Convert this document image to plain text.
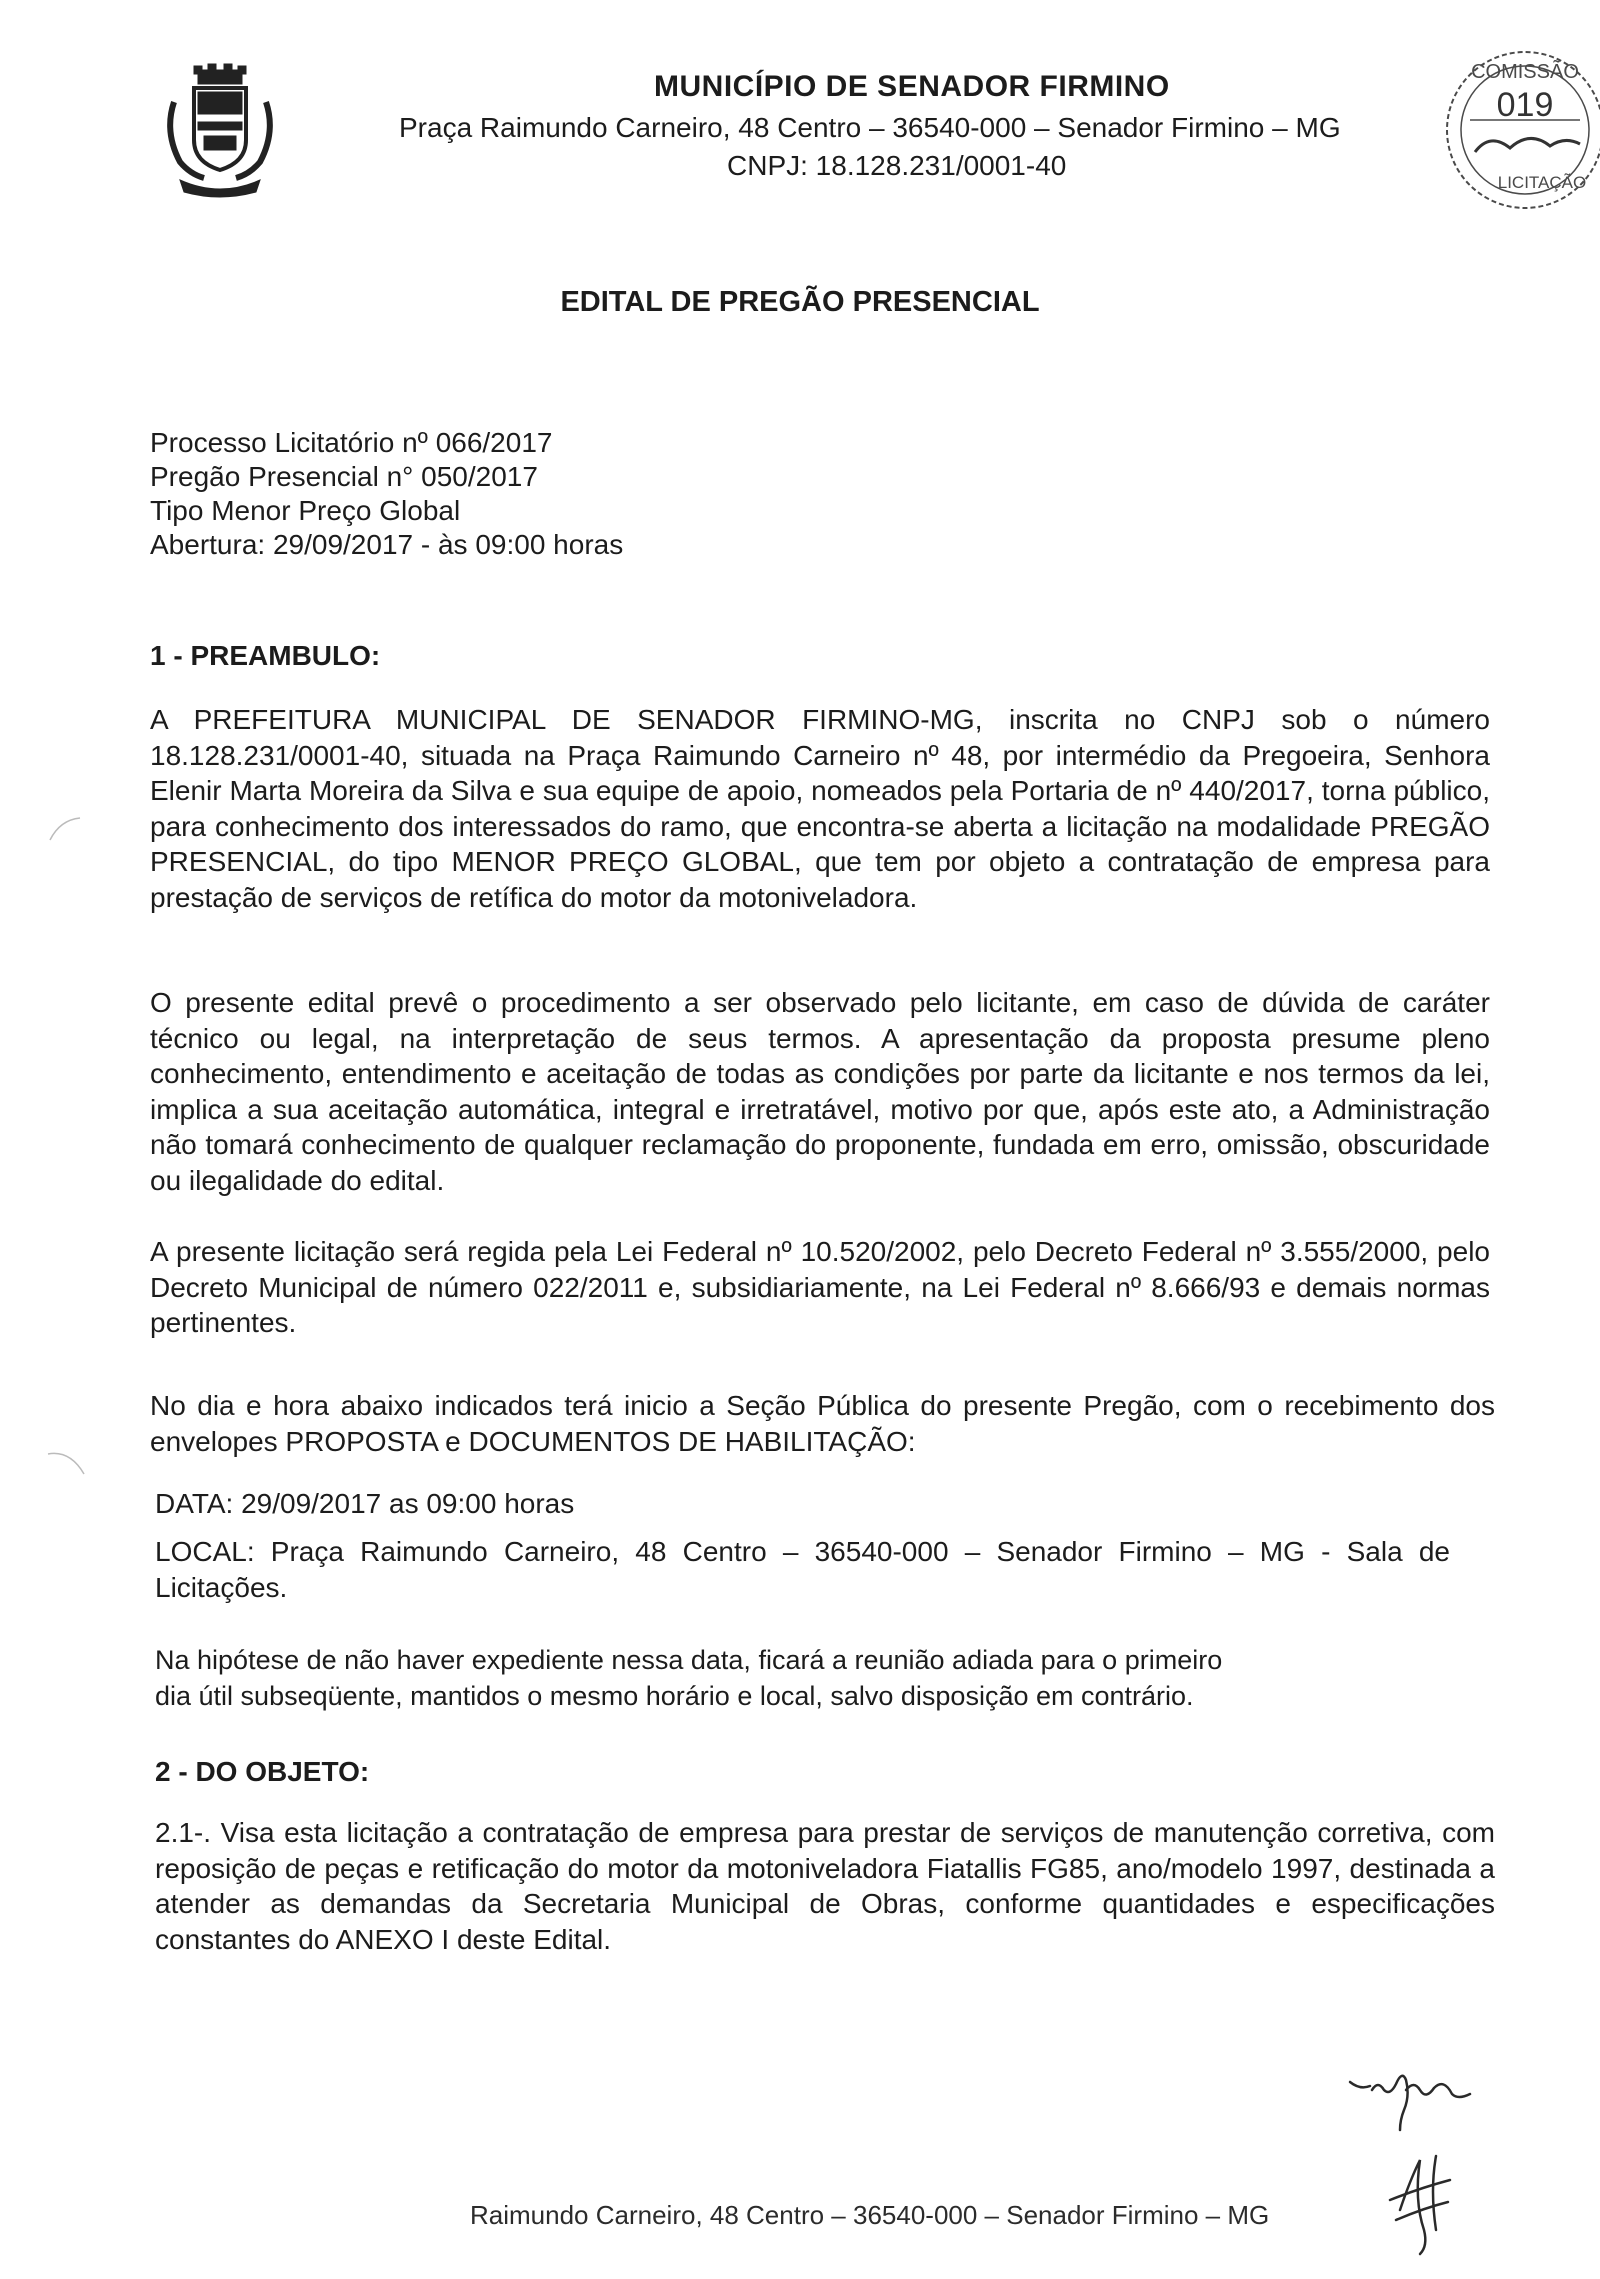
MUNICÍPIO DE SENADOR FIRMINO
Praça Raimundo Carneiro, 48 Centro – 36540-000 – Senador Firmino – MG
CNPJ: 18.128.231/0001-40
COMISSÃO
019
LICITAÇÃO
EDITAL DE PREGÃO PRESENCIAL
Processo Licitatório nº 066/2017
Pregão Presencial n° 050/2017
Tipo Menor Preço Global
Abertura: 29/09/2017 - às 09:00 horas
1 - PREAMBULO:
A PREFEITURA MUNICIPAL DE SENADOR FIRMINO-MG, inscrita no CNPJ sob o número 18.128.231/0001-40, situada na Praça Raimundo Carneiro nº 48, por intermédio da Pregoeira, Senhora Elenir Marta Moreira da Silva e sua equipe de apoio, nomeados pela Portaria de nº 440/2017, torna público, para conhecimento dos interessados do ramo, que encontra-se aberta a licitação na modalidade PREGÃO PRESENCIAL, do tipo MENOR PREÇO GLOBAL, que tem por objeto a contratação de empresa para prestação de serviços de retífica do motor da motoniveladora.
O presente edital prevê o procedimento a ser observado pelo licitante, em caso de dúvida de caráter técnico ou legal, na interpretação de seus termos. A apresentação da proposta presume pleno conhecimento, entendimento e aceitação de todas as condições por parte da licitante e nos termos da lei, implica a sua aceitação automática, integral e irretratável, motivo por que, após este ato, a Administração não tomará conhecimento de qualquer reclamação do proponente, fundada em erro, omissão, obscuridade ou ilegalidade do edital.
A presente licitação será regida pela Lei Federal nº 10.520/2002, pelo Decreto Federal nº 3.555/2000, pelo Decreto Municipal de número 022/2011 e, subsidiariamente, na Lei Federal nº 8.666/93 e demais normas pertinentes.
No dia e hora abaixo indicados terá inicio a Seção Pública do presente Pregão, com o recebimento dos envelopes PROPOSTA e DOCUMENTOS DE HABILITAÇÃO:
DATA: 29/09/2017 as 09:00 horas
LOCAL: Praça Raimundo Carneiro, 48 Centro – 36540-000 – Senador Firmino – MG - Sala de Licitações.
Na hipótese de não haver expediente nessa data, ficará a reunião adiada para o primeiro
dia útil subseqüente, mantidos o mesmo horário e local, salvo disposição em contrário.
2 - DO OBJETO:
2.1-. Visa esta licitação a contratação de empresa para prestar de serviços de manutenção corretiva, com reposição de peças e retificação do motor da motoniveladora Fiatallis FG85, ano/modelo 1997, destinada a atender as demandas da Secretaria Municipal de Obras, conforme quantidades e especificações constantes do ANEXO I deste Edital.
Raimundo Carneiro, 48 Centro – 36540-000 – Senador Firmino – MG
